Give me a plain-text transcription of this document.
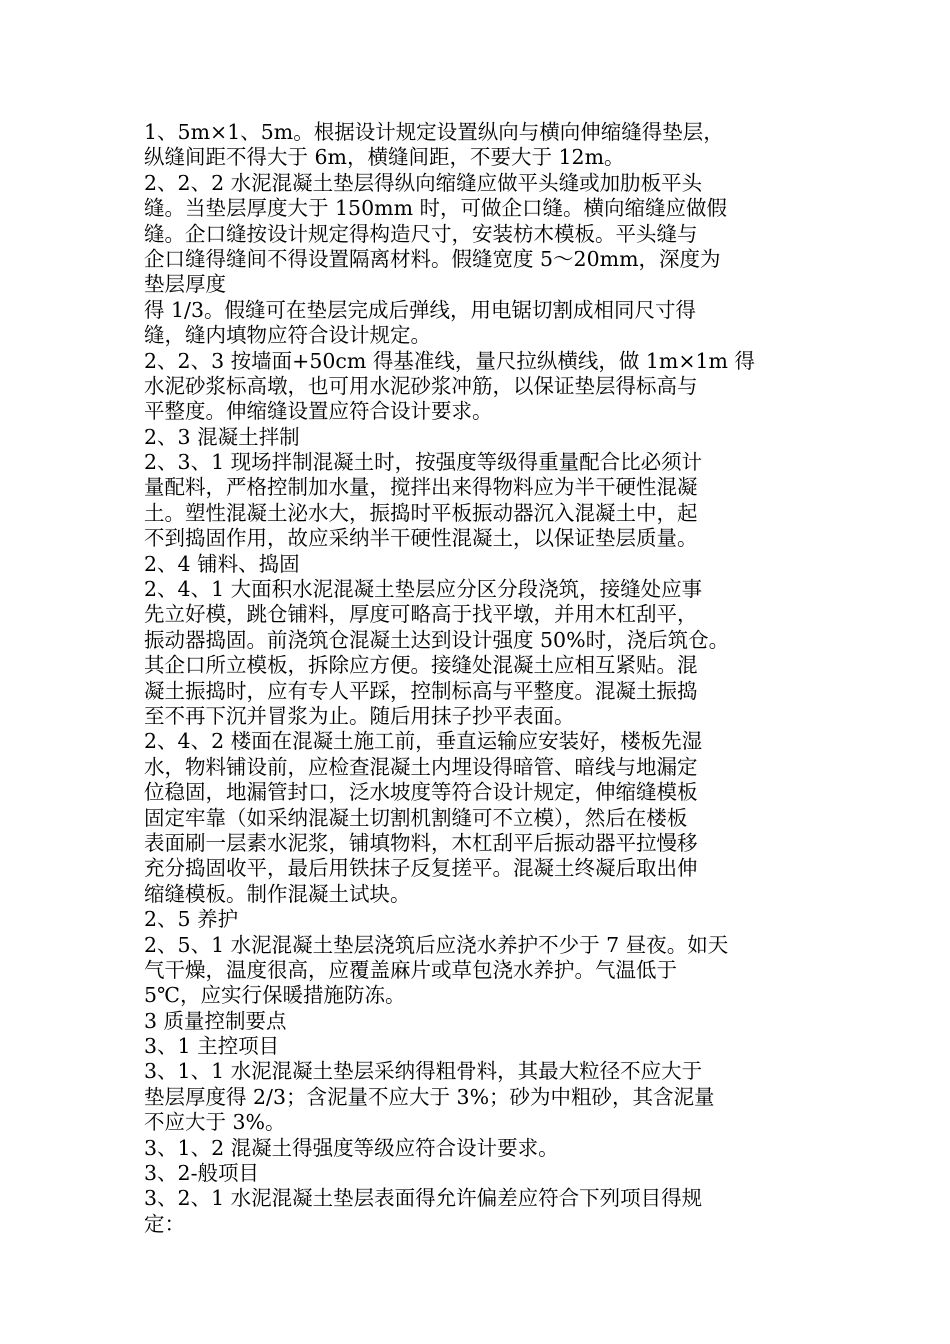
1、5m×1、5m。根据设计规定设置纵向与横向伸缩缝得垫层，
纵缝间距不得大于 6m，横缝间距，不要大于 12m。
2、2、2 水泥混凝土垫层得纵向缩缝应做平头缝或加肋板平头
缝。当垫层厚度大于 150mm 时，可做企口缝。横向缩缝应做假
缝。企口缝按设计规定得构造尺寸，安装枋木模板。平头缝与
企口缝得缝间不得设置隔离材料。假缝宽度 5～20mm，深度为
垫层厚度
得 1/3。假缝可在垫层完成后弹线，用电锯切割成相同尺寸得
缝，缝内填物应符合设计规定。
2、2、3 按墙面+50cm 得基准线，量尺拉纵横线，做 1m×1m 得
水泥砂浆标高墩，也可用水泥砂浆冲筋，以保证垫层得标高与
平整度。伸缩缝设置应符合设计要求。
2、3 混凝土拌制
2、3、1 现场拌制混凝土时，按强度等级得重量配合比必须计
量配料，严格控制加水量，搅拌出来得物料应为半干硬性混凝
土。塑性混凝土泌水大，振捣时平板振动器沉入混凝土中，起
不到捣固作用，故应采纳半干硬性混凝土，以保证垫层质量。
2、4 铺料、捣固
2、4、1 大面积水泥混凝土垫层应分区分段浇筑，接缝处应事
先立好模，跳仓铺料，厚度可略高于找平墩，并用木杠刮平，
振动器捣固。前浇筑仓混凝土达到设计强度 50%时，浇后筑仓。
其企口所立模板，拆除应方便。接缝处混凝土应相互紧贴。混
凝土振捣时，应有专人平踩，控制标高与平整度。混凝土振捣
至不再下沉并冒浆为止。随后用抹子抄平表面。
2、4、2 楼面在混凝土施工前，垂直运输应安装好，楼板先湿
水，物料铺设前，应检查混凝土内埋设得暗管、暗线与地漏定
位稳固，地漏管封口，泛水坡度等符合设计规定，伸缩缝模板
固定牢靠（如采纳混凝土切割机割缝可不立模），然后在楼板
表面刷一层素水泥浆，铺填物料，木杠刮平后振动器平拉慢移
充分捣固收平，最后用铁抹子反复搓平。混凝土终凝后取出伸
缩缝模板。制作混凝土试块。
2、5 养护
2、5、1 水泥混凝土垫层浇筑后应浇水养护不少于 7 昼夜。如天
气干燥，温度很高，应覆盖麻片或草包浇水养护。气温低于
5℃，应实行保暖措施防冻。
3 质量控制要点
3、1 主控项目
3、1、1 水泥混凝土垫层采纳得粗骨料，其最大粒径不应大于
垫层厚度得 2/3；含泥量不应大于 3%；砂为中粗砂，其含泥量
不应大于 3%。
3、1、2 混凝土得强度等级应符合设计要求。
3、2-般项目
3、2、1 水泥混凝土垫层表面得允许偏差应符合下列项目得规
定：
